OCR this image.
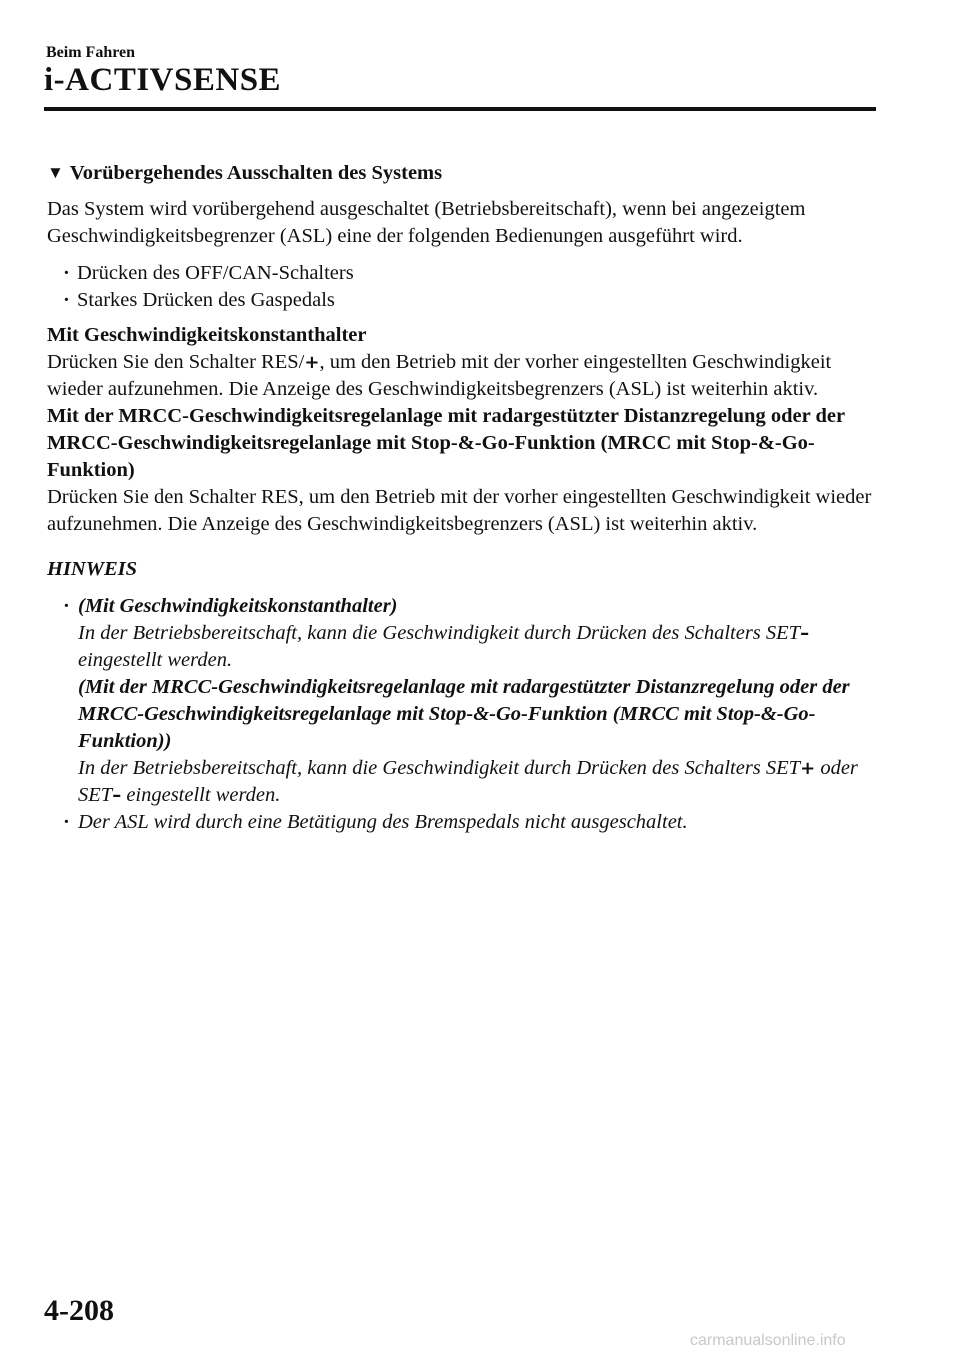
Beim Fahren
i-ACTIVSENSE
▼ Vorübergehendes Ausschalten des Systems

Das System wird vorübergehend ausgeschaltet (Betriebsbereitschaft), wenn bei angezeigtem Geschwindigkeitsbegrenzer (ASL) eine der folgenden Bedienungen ausgeführt wird.

· Drücken des OFF/CAN-Schalters
· Starkes Drücken des Gaspedals

Mit Geschwindigkeitskonstanthalter

Drücken Sie den Schalter RES/+, um den Betrieb mit der vorher eingestellten Geschwindigkeit wieder aufzunehmen. Die Anzeige des Geschwindigkeitsbegrenzers (ASL) ist weiterhin aktiv.

Mit der MRCC-Geschwindigkeitsregelanlage mit radargestützter Distanzregelung oder der MRCC-Geschwindigkeitsregelanlage mit Stop-&-Go-Funktion (MRCC mit Stop-&-Go-Funktion)

Drücken Sie den Schalter RES, um den Betrieb mit der vorher eingestellten Geschwindigkeit wieder aufzunehmen. Die Anzeige des Geschwindigkeitsbegrenzers (ASL) ist weiterhin aktiv.

HINWEIS

· (Mit Geschwindigkeitskonstanthalter)
In der Betriebsbereitschaft, kann die Geschwindigkeit durch Drücken des Schalters SET– eingestellt werden.
(Mit der MRCC-Geschwindigkeitsregelanlage mit radargestützter Distanzregelung oder der MRCC-Geschwindigkeitsregelanlage mit Stop-&-Go-Funktion (MRCC mit Stop-&-Go-Funktion))
In der Betriebsbereitschaft, kann die Geschwindigkeit durch Drücken des Schalters SET+ oder SET– eingestellt werden.
· Der ASL wird durch eine Betätigung des Bremspedals nicht ausgeschaltet.
4-208
carmanualsonline.info
